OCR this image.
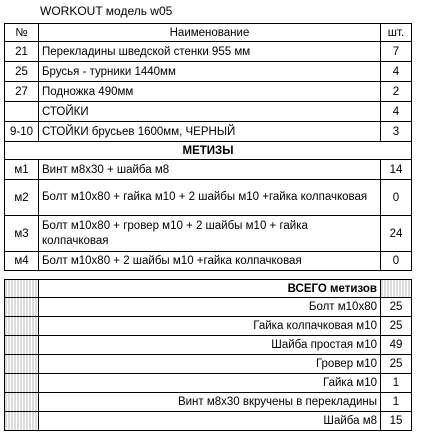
WORKOUT модель w05
№	Наименование	шт.
21	Перекладины шведской стенки 955 мм	7
25	Брусья - турники 1440мм	4
27	Подножка 490мм	2
	СТОЙКИ	4
9-10	СТОЙКИ брусьев 1600мм, ЧЕРНЫЙ	3
МЕТИЗЫ		
м1	Винт м8х30 + шайба м8	14
м2	Болт м10х80 + гайка м10 + 2 шайбы м10 +гайка колпачковая	0
м3	Болт м10х80 + гровер м10 + 2 шайбы м10 + гайка колпачковая	24
м4	Болт м10х80 + 2 шайбы м10 +гайка колпачковая	0
	ВСЕГО метизов	
	Болт м10х80	25
	Гайка колпачковая м10	25
	Шайба простая м10	49
	Гровер м10	25
	Гайка м10	1
	Винт м8х30 вкручены в перекладины	1
	Шайба м8	15
